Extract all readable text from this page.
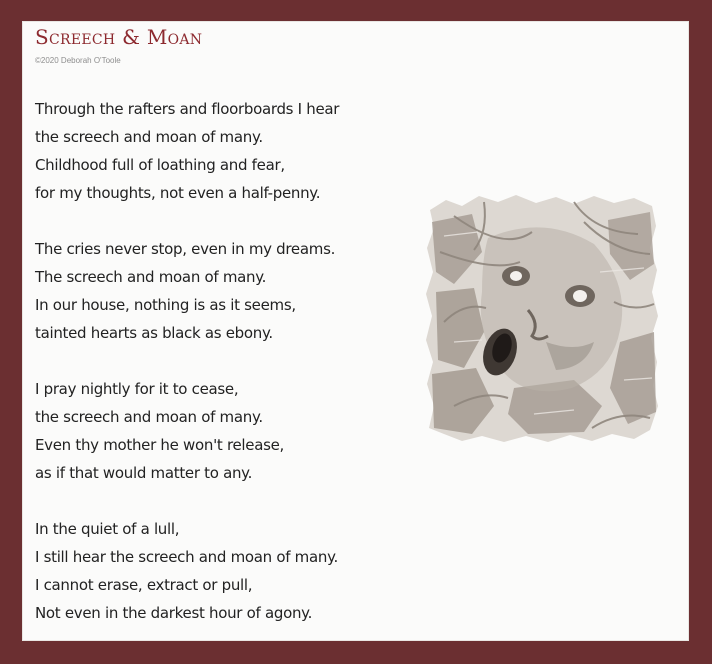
Screech & Moan
©2020 Deborah O'Toole
Through the rafters and floorboards I hear
the screech and moan of many.
Childhood full of loathing and fear,
for my thoughts, not even a half-penny.
The cries never stop, even in my dreams.
The screech and moan of many.
In our house, nothing is as it seems,
tainted hearts as black as ebony.
I pray nightly for it to cease,
the screech and moan of many.
Even thy mother he won't release,
as if that would matter to any.
In the quiet of a lull,
I still hear the screech and moan of many.
I cannot erase, extract or pull,
Not even in the darkest hour of agony.
